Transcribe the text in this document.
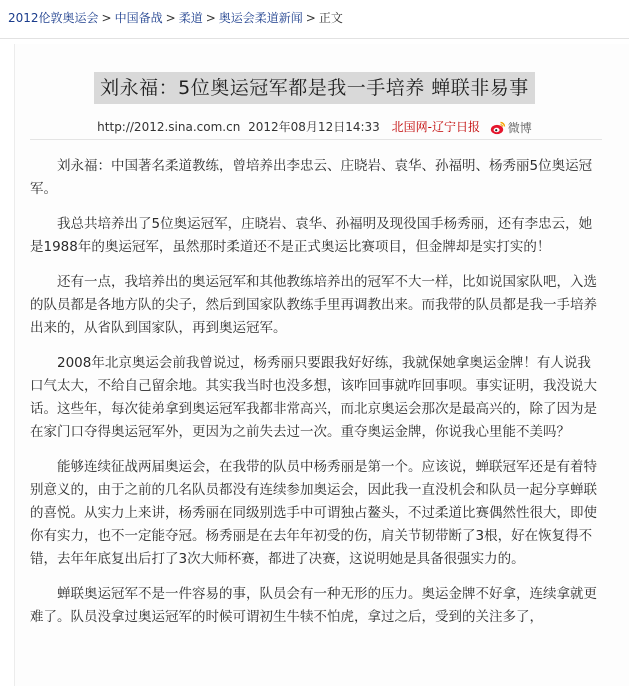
2012伦敦奥运会 > 中国备战 > 柔道 > 奥运会柔道新闻 > 正文
刘永福：5位奥运冠军都是我一手培养 蝉联非易事
http://2012.sina.com.cn 2012年08月12日14:33 北国网-辽宁日报 微博

刘永福：中国著名柔道教练，曾培养出李忠云、庄晓岩、袁华、孙福明、杨秀丽5位奥运冠军。

我总共培养出了5位奥运冠军，庄晓岩、袁华、孙福明及现役国手杨秀丽，还有李忠云，她是1988年的奥运冠军，虽然那时柔道还不是正式奥运比赛项目，但金牌却是实打实的！

还有一点，我培养出的奥运冠军和其他教练培养出的冠军不大一样，比如说国家队吧，入选的队员都是各地方队的尖子，然后到国家队教练手里再调教出来。而我带的队员都是我一手培养出来的，从省队到国家队，再到奥运冠军。

2008年北京奥运会前我曾说过，杨秀丽只要跟我好好练，我就保她拿奥运金牌！有人说我口气太大，不给自己留余地。其实我当时也没多想，该咋回事就咋回事呗。事实证明，我没说大话。这些年，每次徒弟拿到奥运冠军我都非常高兴，而北京奥运会那次是最高兴的，除了因为是在家门口夺得奥运冠军外，更因为之前失去过一次。重夺奥运金牌，你说我心里能不美吗？

能够连续征战两届奥运会，在我带的队员中杨秀丽是第一个。应该说，蝉联冠军还是有着特别意义的，由于之前的几名队员都没有连续参加奥运会，因此我一直没机会和队员一起分享蝉联的喜悦。从实力上来讲，杨秀丽在同级别选手中可谓独占鳌头，不过柔道比赛偶然性很大，即使你有实力，也不一定能夺冠。杨秀丽是在去年年初受的伤，肩关节韧带断了3根，好在恢复得不错，去年年底复出后打了3次大师杯赛，都进了决赛，这说明她是具备很强实力的。

蝉联奥运冠军不是一件容易的事，队员会有一种无形的压力。奥运金牌不好拿，连续拿就更难了。队员没拿过奥运冠军的时候可谓初生牛犊不怕虎，拿过之后，受到的关注多了，
